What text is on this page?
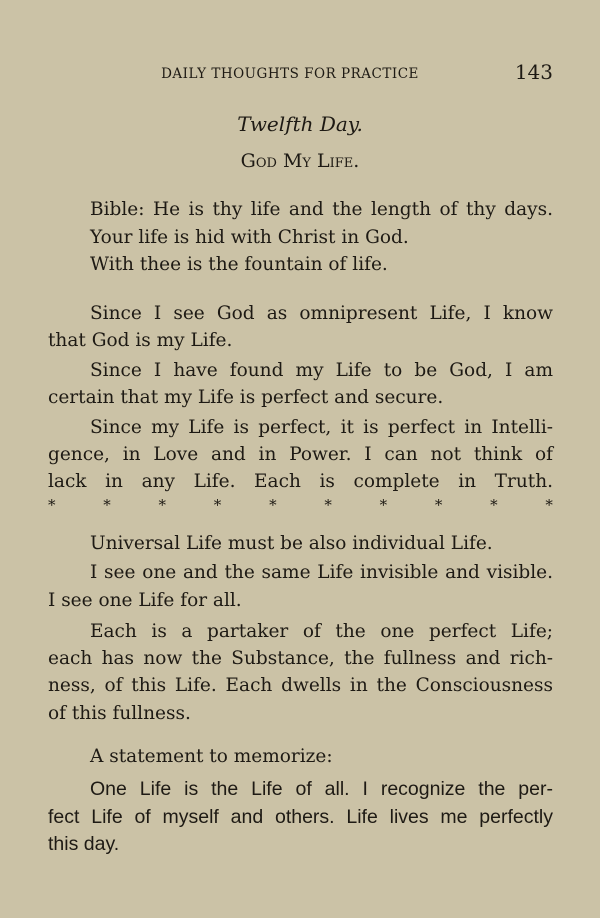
DAILY THOUGHTS FOR PRACTICE	143
Twelfth Day.
God My Life.
Bible: He is thy life and the length of thy days.
Your life is hid with Christ in God.
With thee is the fountain of life.
Since I see God as omnipresent Life, I know
that God is my Life.
Since I have found my Life to be God, I am
certain that my Life is perfect and secure.
Since my Life is perfect, it is perfect in Intelli-
gence, in Love and in Power. I can not think of
lack in any Life. Each is complete in Truth.
*	*	*	*	*	*	*	*	*	*
Universal Life must be also individual Life.
I see one and the same Life invisible and visible.
I see one Life for all.
Each is a partaker of the one perfect Life;
each has now the Substance, the fullness and rich-
ness, of this Life. Each dwells in the Consciousness
of this fullness.
A statement to memorize:
One Life is the Life of all. I recognize the per-
fect Life of myself and others. Life lives me perfectly
this day.
